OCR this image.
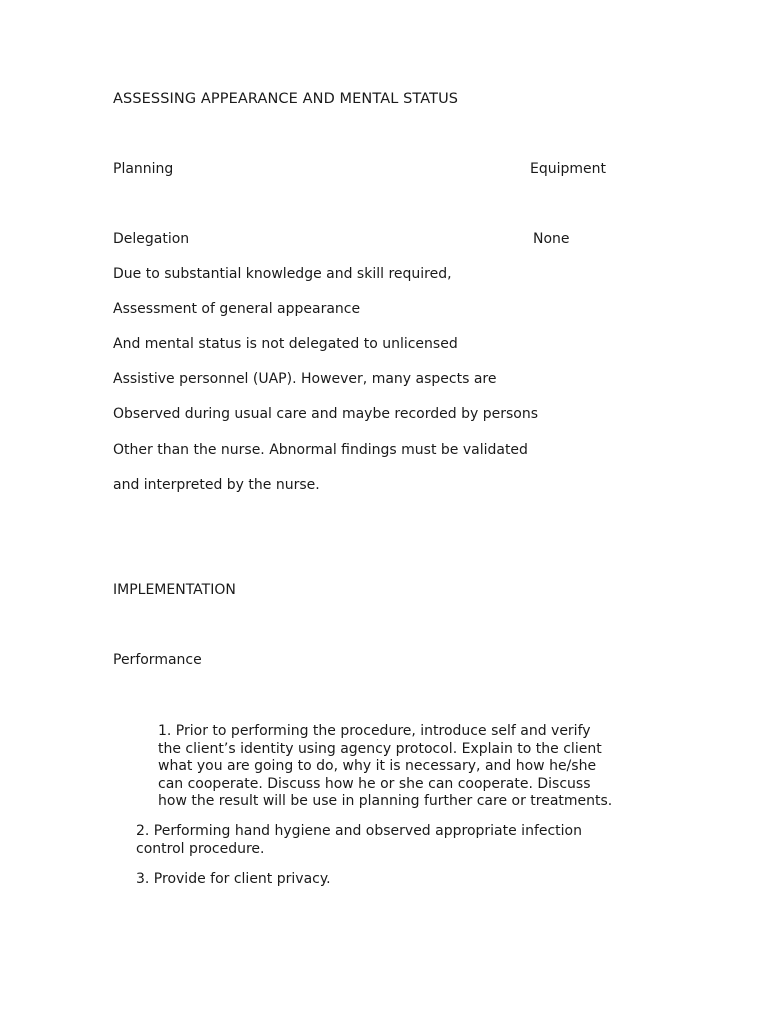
ASSESSING APPEARANCE AND MENTAL STATUS

Planning	Equipment

Delegation	None

Due to substantial knowledge and skill required,

Assessment of general appearance

And mental status is not delegated to unlicensed

Assistive personnel (UAP). However, many aspects are

Observed during usual care and maybe recorded by persons

Other than the nurse. Abnormal findings must be validated

and interpreted by the nurse.

IMPLEMENTATION

Performance

1. Prior to performing the procedure, introduce self and verify

the client’s identity using agency protocol. Explain to the client

what you are going to do, why it is necessary, and how he/she

can cooperate. Discuss how he or she can cooperate. Discuss

how the result will be use in planning further care or treatments.

2. Performing hand hygiene and observed appropriate infection

control procedure.

3. Provide for client privacy.
